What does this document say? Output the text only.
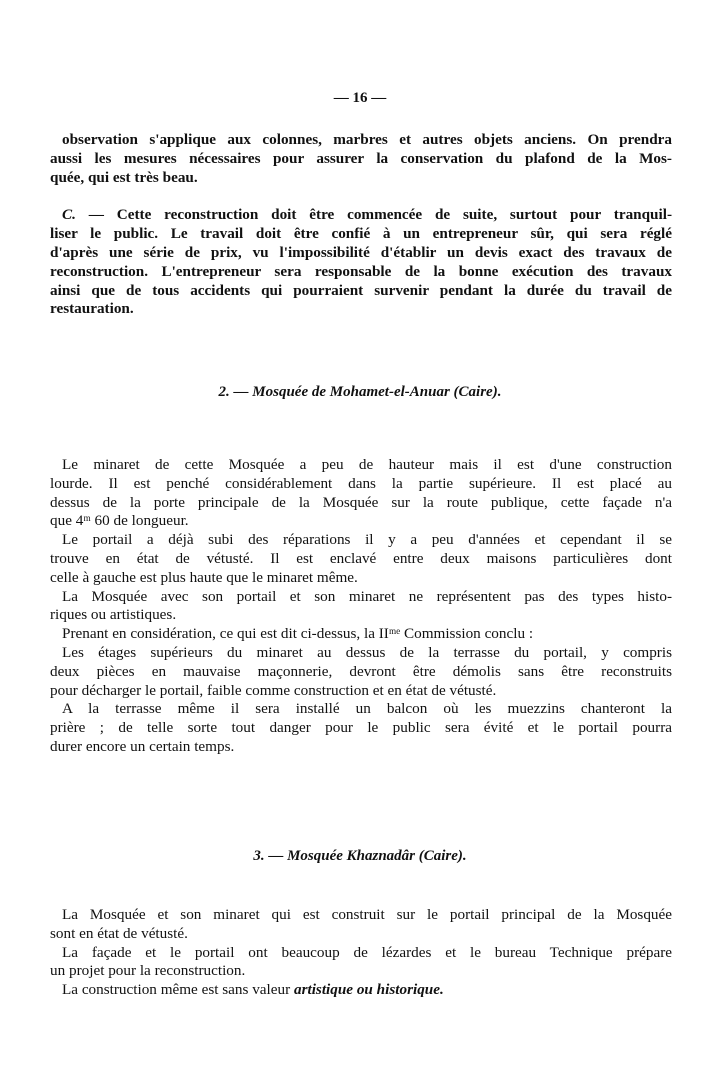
— 16 —
observation s'applique aux colonnes, marbres et autres objets anciens. On prendra
aussi les mesures nécessaires pour assurer la conservation du plafond de la Mos-
quée, qui est très beau.
C. — Cette reconstruction doit être commencée de suite, surtout pour tranquil-
liser le public. Le travail doit être confié à un entrepreneur sûr, qui sera réglé
d'après une série de prix, vu l'impossibilité d'établir un devis exact des travaux de
reconstruction. L'entrepreneur sera responsable de la bonne exécution des travaux
ainsi que de tous accidents qui pourraient survenir pendant la durée du travail de
restauration.
2. — Mosquée de Mohamet-el-Anuar (Caire).
Le minaret de cette Mosquée a peu de hauteur mais il est d'une construction
lourde. Il est penché considérablement dans la partie supérieure. Il est placé au
dessus de la porte principale de la Mosquée sur la route publique, cette façade n'a
que 4ᵐ 60 de longueur.
Le portail a déjà subi des réparations il y a peu d'années et cependant il se
trouve en état de vétusté. Il est enclavé entre deux maisons particulières dont
celle à gauche est plus haute que le minaret même.
La Mosquée avec son portail et son minaret ne représentent pas des types histo-
riques ou artistiques.
Prenant en considération, ce qui est dit ci-dessus, la IIᵐᵉ Commission conclu :
Les étages supérieurs du minaret au dessus de la terrasse du portail, y compris
deux pièces en mauvaise maçonnerie, devront être démolis sans être reconstruits
pour décharger le portail, faible comme construction et en état de vétusté.
A la terrasse même il sera installé un balcon où les muezzins chanteront la
prière ; de telle sorte tout danger pour le public sera évité et le portail pourra
durer encore un certain temps.
3. — Mosquée Khaznadâr (Caire).
La Mosquée et son minaret qui est construit sur le portail principal de la Mosquée
sont en état de vétusté.
La façade et le portail ont beaucoup de lézardes et le bureau Technique prépare
un projet pour la reconstruction.
La construction même est sans valeur artistique ou historique.
